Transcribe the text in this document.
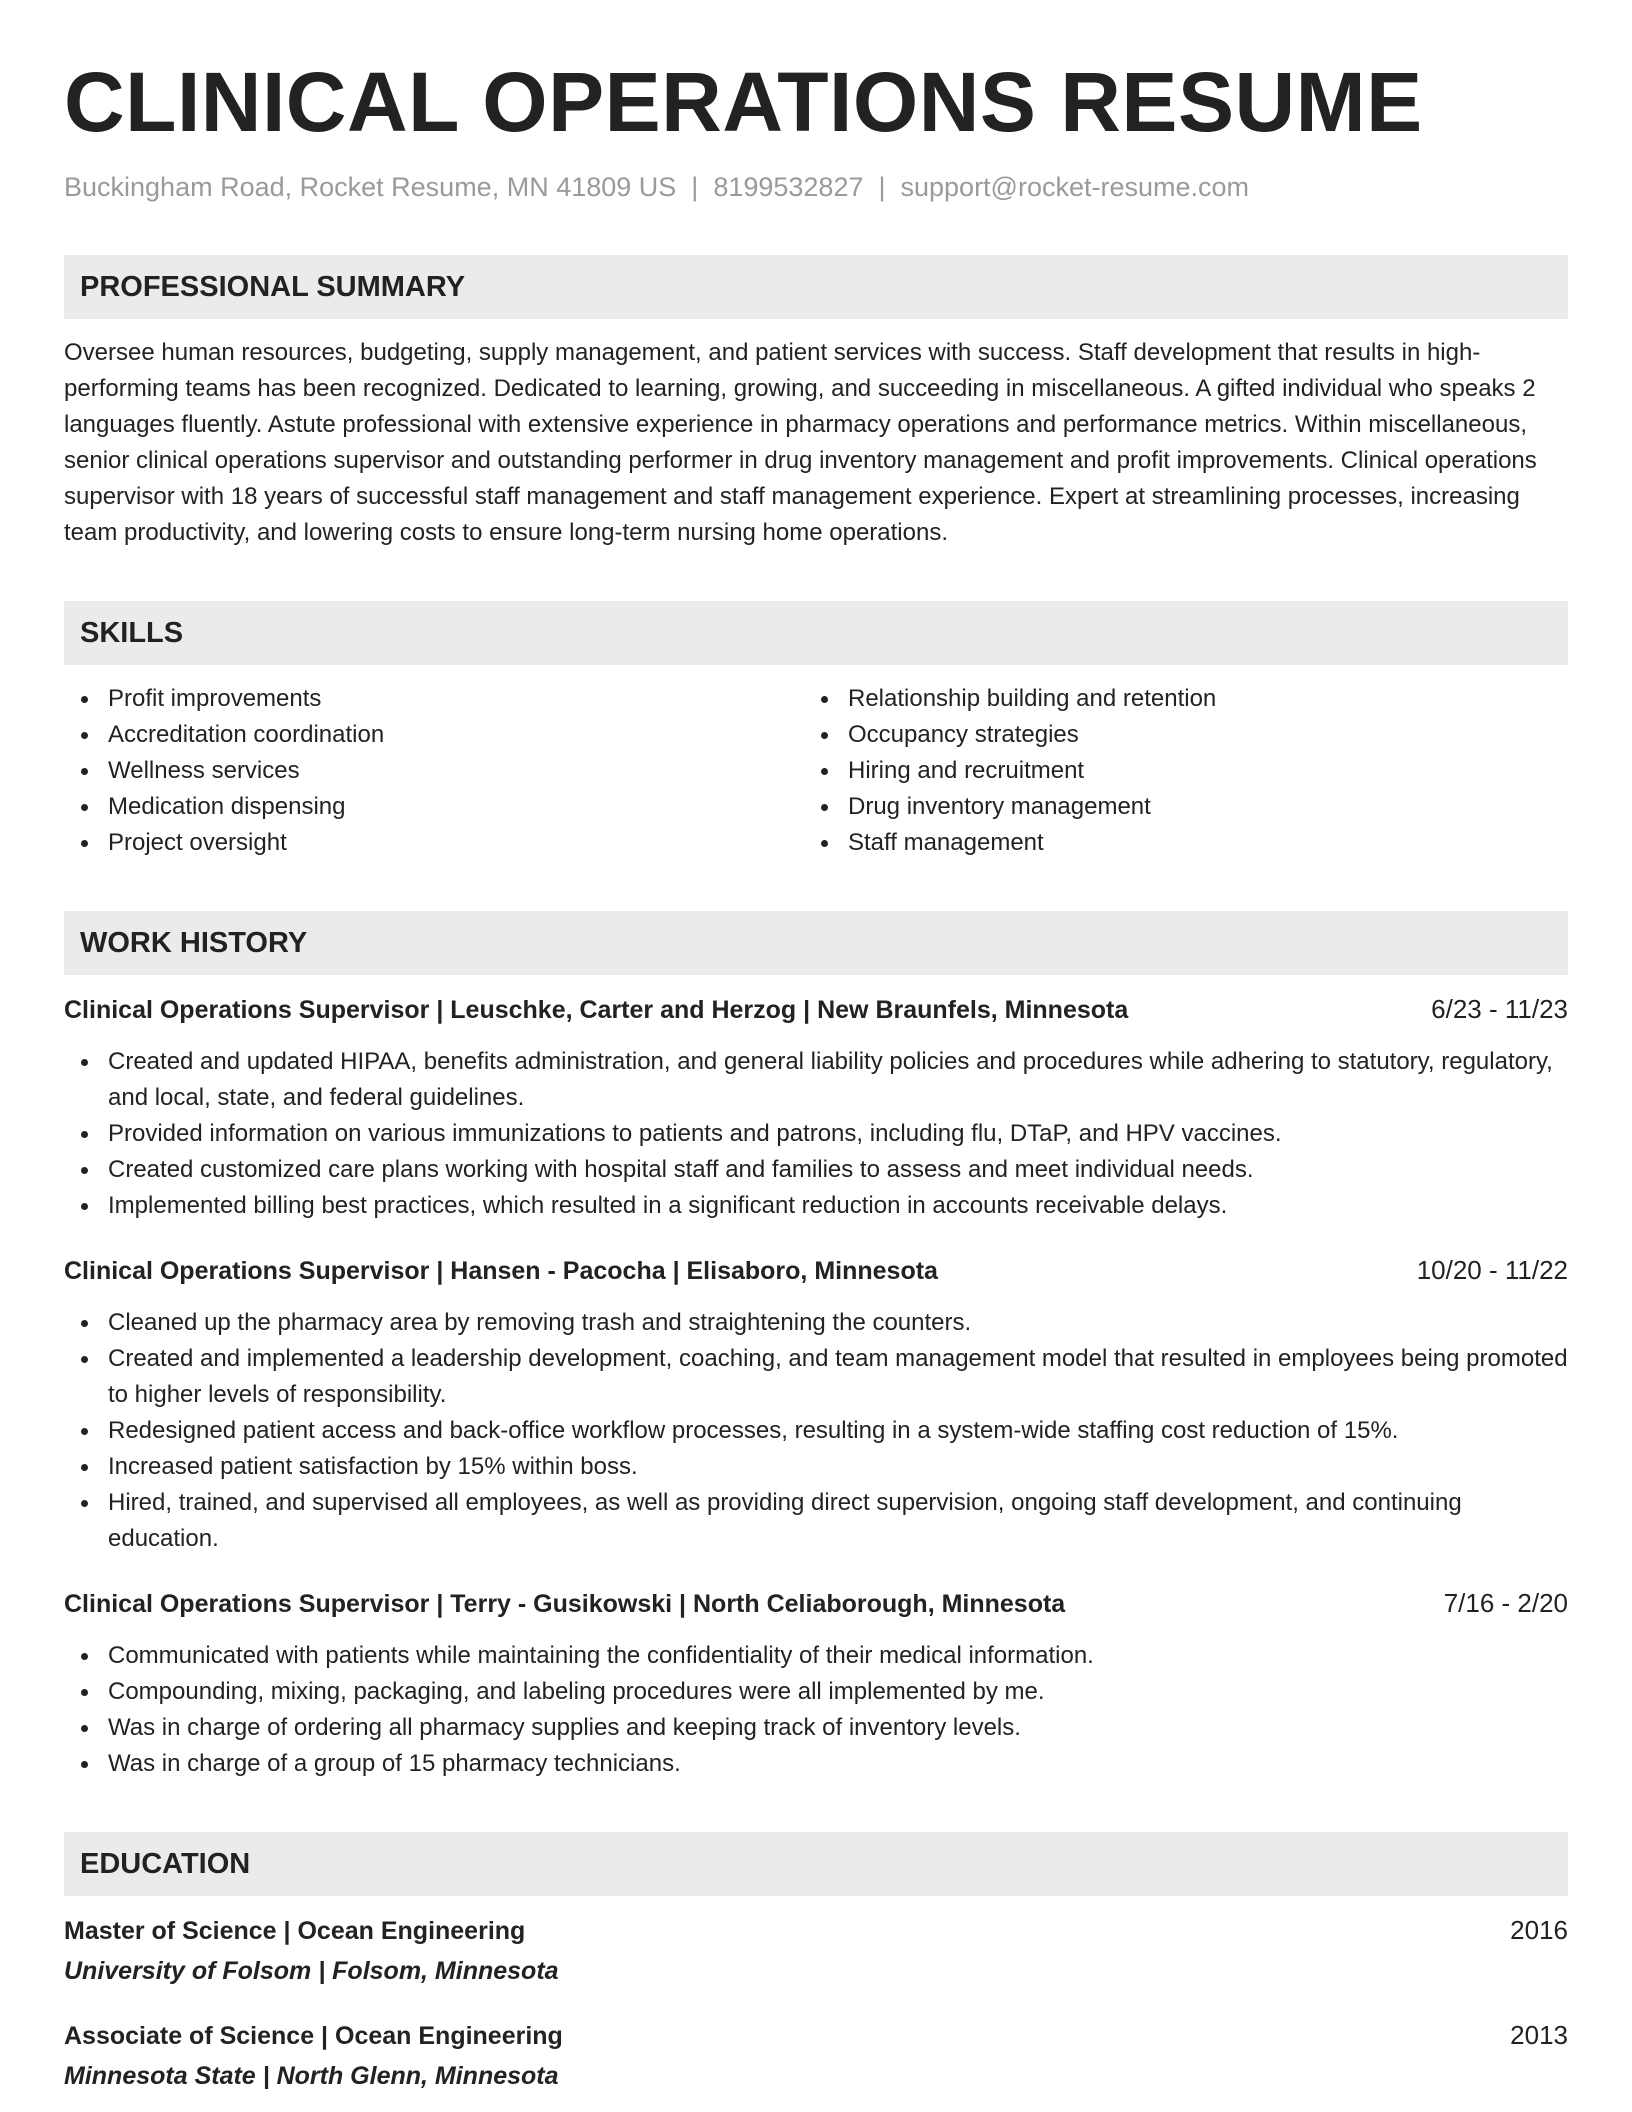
CLINICAL OPERATIONS RESUME
Buckingham Road, Rocket Resume, MN 41809 US | 8199532827 | support@rocket-resume.com
PROFESSIONAL SUMMARY
Oversee human resources, budgeting, supply management, and patient services with success. Staff development that results in high-performing teams has been recognized. Dedicated to learning, growing, and succeeding in miscellaneous. A gifted individual who speaks 2 languages fluently. Astute professional with extensive experience in pharmacy operations and performance metrics. Within miscellaneous, senior clinical operations supervisor and outstanding performer in drug inventory management and profit improvements. Clinical operations supervisor with 18 years of successful staff management and staff management experience. Expert at streamlining processes, increasing team productivity, and lowering costs to ensure long-term nursing home operations.
SKILLS
Profit improvements
Accreditation coordination
Wellness services
Medication dispensing
Project oversight
Relationship building and retention
Occupancy strategies
Hiring and recruitment
Drug inventory management
Staff management
WORK HISTORY
Clinical Operations Supervisor | Leuschke, Carter and Herzog | New Braunfels, Minnesota	6/23 - 11/23
Created and updated HIPAA, benefits administration, and general liability policies and procedures while adhering to statutory, regulatory, and local, state, and federal guidelines.
Provided information on various immunizations to patients and patrons, including flu, DTaP, and HPV vaccines.
Created customized care plans working with hospital staff and families to assess and meet individual needs.
Implemented billing best practices, which resulted in a significant reduction in accounts receivable delays.
Clinical Operations Supervisor | Hansen - Pacocha | Elisaboro, Minnesota	10/20 - 11/22
Cleaned up the pharmacy area by removing trash and straightening the counters.
Created and implemented a leadership development, coaching, and team management model that resulted in employees being promoted to higher levels of responsibility.
Redesigned patient access and back-office workflow processes, resulting in a system-wide staffing cost reduction of 15%.
Increased patient satisfaction by 15% within boss.
Hired, trained, and supervised all employees, as well as providing direct supervision, ongoing staff development, and continuing education.
Clinical Operations Supervisor | Terry - Gusikowski | North Celiaborough, Minnesota	7/16 - 2/20
Communicated with patients while maintaining the confidentiality of their medical information.
Compounding, mixing, packaging, and labeling procedures were all implemented by me.
Was in charge of ordering all pharmacy supplies and keeping track of inventory levels.
Was in charge of a group of 15 pharmacy technicians.
EDUCATION
Master of Science | Ocean Engineering	2016
University of Folsom | Folsom, Minnesota
Associate of Science | Ocean Engineering	2013
Minnesota State | North Glenn, Minnesota
